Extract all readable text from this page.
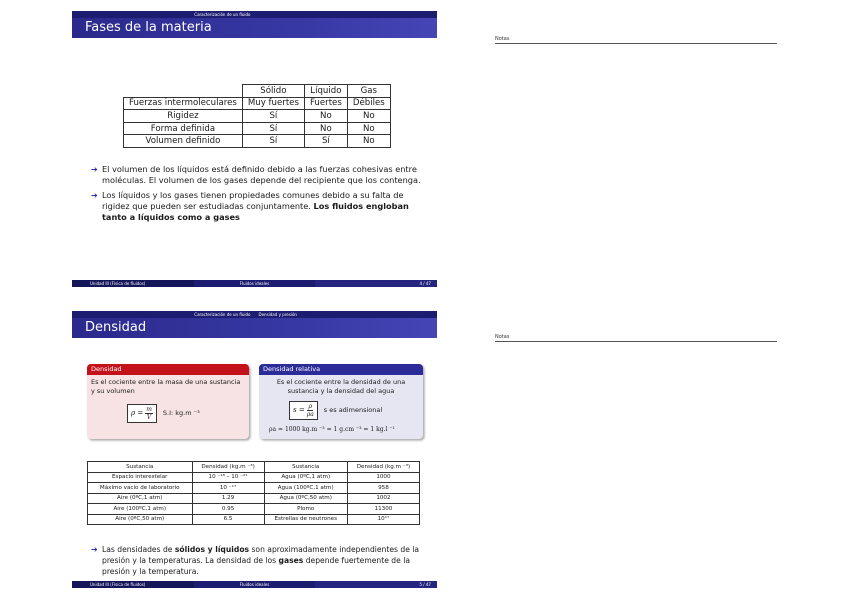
Caracterización de un fluido
Fases de la materia
	Sólido	Líquido	Gas
Fuerzas intermoleculares	Muy fuertes	Fuertes	Débiles
Rigidez	Sí	No	No
Forma definida	Sí	No	No
Volumen definido	Sí	Sí	No
➔ El volumen de los líquidos está definido debido a las fuerzas cohesivas entre moléculas. El volumen de los gases depende del recipiente que los contenga.
➔ Los líquidos y los gases tienen propiedades comunes debido a su falta de rigidez que pueden ser estudiadas conjuntamente. Los fluidos engloban tanto a líquidos como a gases
Unidad III (Física de fluidos)	Fluidos ideales	4 / 47
Notas
Caracterización de un fluido	Densidad y presión
Densidad
Densidad
Es el cociente entre la masa de una sustancia y su volumen
$\rho = \frac{m}{V} S.I$: kg.m ⁻³
Densidad relativa
Es el cociente entre la densidad de una sustancia y la densidad del agua
$s = \frac{\rho}{\rho a}$ s es adimensional
ρa = 1000 kg.m ⁻³ = 1 g.cm ⁻³ = 1 kg.l ⁻¹
Sustancia	Densidad (kg.m ⁻³)	Sustancia	Densidad (kg.m ⁻³)
Espacio interestelar	10 ⁻¹⁸ – 10 ⁻²¹	Agua (0ºC,1 atm)	1000
Máximo vacío de laboratorio	10 ⁻¹⁷	Agua (100ºC,1 atm)	958
Aire (0ºC,1 atm)	1.29	Agua (0ºC,50 atm)	1002
Aire (100ºC,1 atm)	0.95	Plomo	11300
Aire (0ºC,50 atm)	6.5	Estrellas de neutrones	10¹⁷
➔ Las densidades de sólidos y líquidos son aproximadamente independientes de la presión y la temperaturas. La densidad de los gases depende fuertemente de la presión y la temperatura.
Unidad III (Física de fluidos)	Fluidos ideales	5 / 47
Notas
